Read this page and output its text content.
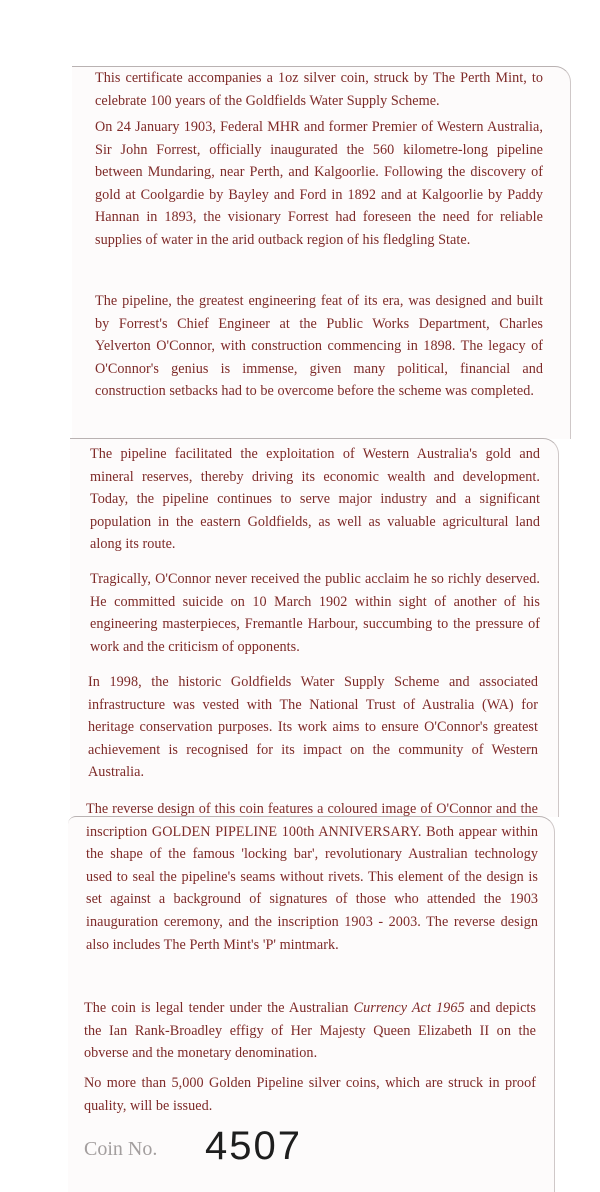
This certificate accompanies a 1oz silver coin, struck by The Perth Mint, to celebrate 100 years of the Goldfields Water Supply Scheme.

On 24 January 1903, Federal MHR and former Premier of Western Australia, Sir John Forrest, officially inaugurated the 560 kilometre-long pipeline between Mundaring, near Perth, and Kalgoorlie. Following the discovery of gold at Coolgardie by Bayley and Ford in 1892 and at Kalgoorlie by Paddy Hannan in 1893, the visionary Forrest had foreseen the need for reliable supplies of water in the arid outback region of his fledgling State.

The pipeline, the greatest engineering feat of its era, was designed and built by Forrest's Chief Engineer at the Public Works Department, Charles Yelverton O'Connor, with construction commencing in 1898. The legacy of O'Connor's genius is immense, given many political, financial and construction setbacks had to be overcome before the scheme was completed.

The pipeline facilitated the exploitation of Western Australia's gold and mineral reserves, thereby driving its economic wealth and development. Today, the pipeline continues to serve major industry and a significant population in the eastern Goldfields, as well as valuable agricultural land along its route.

Tragically, O'Connor never received the public acclaim he so richly deserved. He committed suicide on 10 March 1902 within sight of another of his engineering masterpieces, Fremantle Harbour, succumbing to the pressure of work and the criticism of opponents.

In 1998, the historic Goldfields Water Supply Scheme and associated infrastructure was vested with The National Trust of Australia (WA) for heritage conservation purposes. Its work aims to ensure O'Connor's greatest achievement is recognised for its impact on the community of Western Australia.

The reverse design of this coin features a coloured image of O'Connor and the inscription GOLDEN PIPELINE 100th ANNIVERSARY. Both appear within the shape of the famous 'locking bar', revolutionary Australian technology used to seal the pipeline's seams without rivets. This element of the design is set against a background of signatures of those who attended the 1903 inauguration ceremony, and the inscription 1903 - 2003. The reverse design also includes The Perth Mint's 'P' mintmark.

The coin is legal tender under the Australian Currency Act 1965 and depicts the Ian Rank-Broadley effigy of Her Majesty Queen Elizabeth II on the obverse and the monetary denomination.

No more than 5,000 Golden Pipeline silver coins, which are struck in proof quality, will be issued.

Coin No. 4507
